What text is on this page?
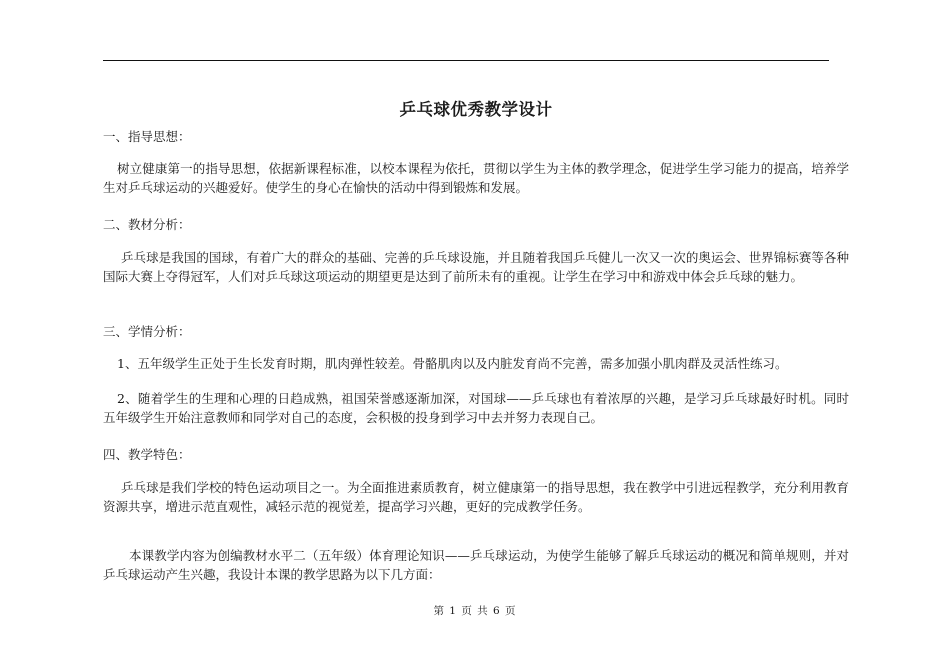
乒乓球优秀教学设计

一、指导思想：

树立健康第一的指导思想，依据新课程标准，以校本课程为依托，贯彻以学生为主体的教学理念，促进学生学习能力的提高，培养学生对乒乓球运动的兴趣爱好。使学生的身心在愉快的活动中得到锻炼和发展。

二、教材分析：

乒乓球是我国的国球，有着广大的群众的基础、完善的乒乓球设施，并且随着我国乒乓健儿一次又一次的奥运会、世界锦标赛等各种国际大赛上夺得冠军，人们对乒乓球这项运动的期望更是达到了前所未有的重视。让学生在学习中和游戏中体会乒乓球的魅力。

三、学情分析：

1、五年级学生正处于生长发育时期，肌肉弹性较差。骨骼肌肉以及内脏发育尚不完善，需多加强小肌肉群及灵活性练习。

2、随着学生的生理和心理的日趋成熟，祖国荣誉感逐渐加深，对国球——乒乓球也有着浓厚的兴趣，是学习乒乓球最好时机。同时五年级学生开始注意教师和同学对自己的态度，会积极的投身到学习中去并努力表现自己。

四、教学特色：

乒乓球是我们学校的特色运动项目之一。为全面推进素质教育，树立健康第一的指导思想，我在教学中引进远程教学，充分利用教育资源共享，增进示范直观性，减轻示范的视觉差，提高学习兴趣，更好的完成教学任务。

本课教学内容为创编教材水平二（五年级）体育理论知识——乒乓球运动，为使学生能够了解乒乓球运动的概况和简单规则，并对乒乓球运动产生兴趣，我设计本课的教学思路为以下几方面：

第 1 页 共 6 页
